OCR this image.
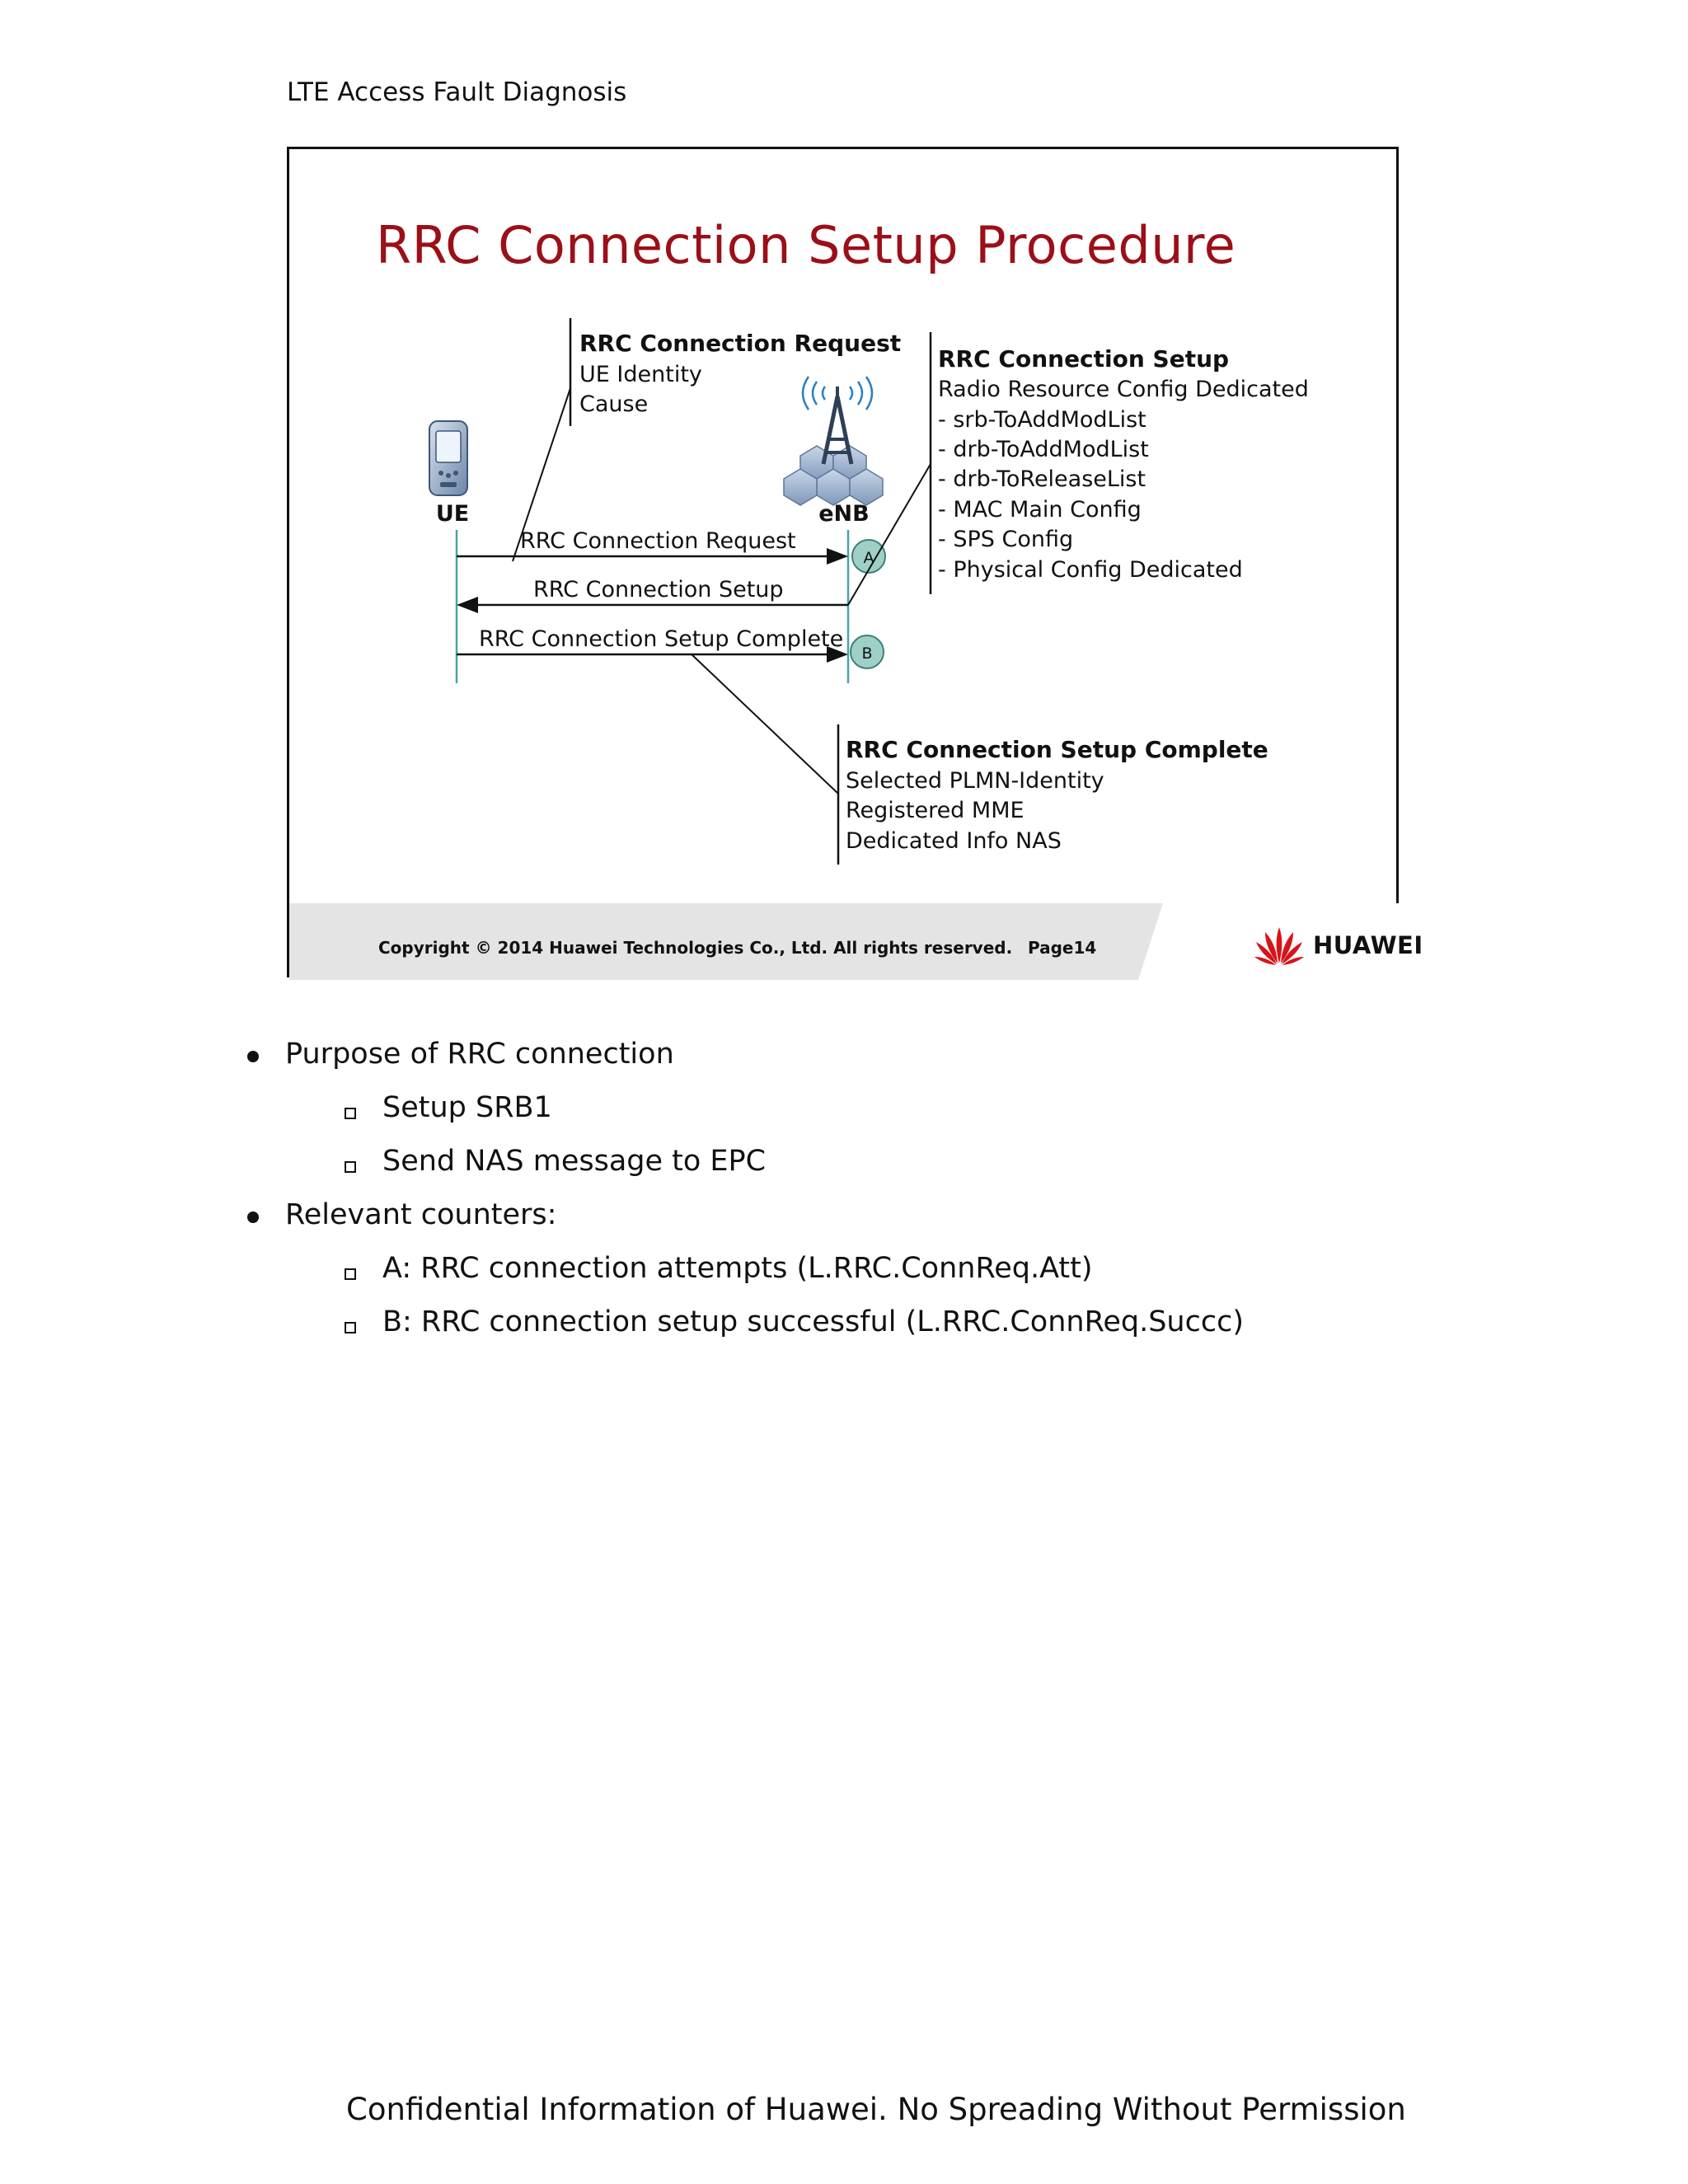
LTE Access Fault Diagnosis
RRC Connection Setup Procedure
UE	eNB
RRC Connection Request
RRC Connection Setup
RRC Connection Setup Complete
A
B
RRC Connection Request
UE Identity
Cause
RRC Connection Setup
Radio Resource Config Dedicated
- srb-ToAddModList
- drb-ToAddModList
- drb-ToReleaseList
- MAC Main Config
- SPS Config
- Physical Config Dedicated
RRC Connection Setup Complete
Selected PLMN-Identity
Registered MME
Dedicated Info NAS
Copyright © 2014 Huawei Technologies Co., Ltd. All rights reserved. Page14	HUAWEI
Purpose of RRC connection
Setup SRB1
Send NAS message to EPC
Relevant counters:
A: RRC connection attempts (L.RRC.ConnReq.Att)
B: RRC connection setup successful (L.RRC.ConnReq.Succc)
Confidential Information of Huawei. No Spreading Without Permission
